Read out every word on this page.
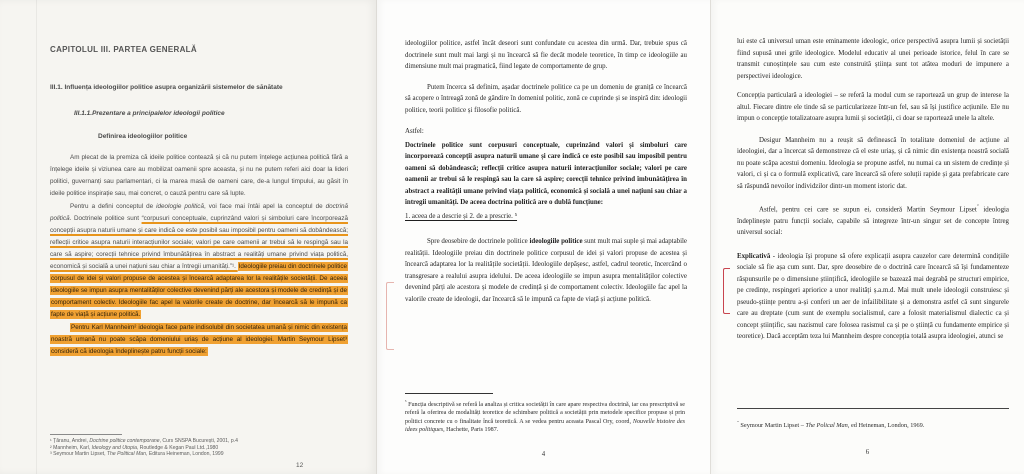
CAPITOLUL III. PARTEA GENERALĂ
III.1. Influența ideologiilor politice asupra organizării sistemelor de sănătate
III.1.1.Prezentare a principalelor ideologii politice
Definirea ideologiilor politice

Am plecat de la premiza că ideile politice contează și că nu putem înțelege acțiunea politică fără a înțelege ideile și viziunea care au mobilizat oamenii spre aceasta, și nu ne putem referi aici doar la lideri politici, guvernanți sau parlamentari, ci la marea masă de oameni care, de-a lungul timpului, au găsit în ideile politice inspirație sau, mai concret, o cauză pentru care să lupte.

Pentru a defini conceptul de ideologie politică, voi face mai întâi apel la conceptul de doctrină politică. Doctrinele politice sunt “corpusuri conceptuale, cuprinzând valori și simboluri care încorporează concepții asupra naturii umane și care indică ce este posibil sau imposibil pentru oameni să dobândească; reflecții critice asupra naturii interacțiunilor sociale; valori pe care oamenii ar trebui să le respingă sau la care să aspire; corecții tehnice privind îmbunătățirea în abstract a realități umane privind viața politică, economică și socială a unei națiuni sau chiar a întregii umanități.”¹. Ideologiile preiau din doctrinele politice corpusul de idei și valori propuse de acestea și încearcă adaptarea lor la realitățile societății. De aceea ideologiile se impun asupra mentalităților colective devenind părți ale acestora și modele de credință și de comportament colectiv. Ideologiile fac apel la valorile create de doctrine, dar încearcă să le impună ca fapte de viață și acțiune politică.

Pentru Karl Mannheim² ideologia face parte indisolubil din societatea umană și nimic din existența noastră umană nu poate scăpa domeniului uriaș de acțiune al ideologiei. Martin Seymour Lipset³ consideră că ideologia îndeplinește patru funcții sociale:

¹ Țăranu, Andrei, Doctrine politice contemporane, Curs SNSPA București, 2001, p.4

² Mannheim, Karl, Ideology and Utopia, Routledge & Kegan Paul Ltd.,1980

³ Seymour Martin Lipset, The Political Man, Editura Heineman, London, 1999

12

ideologiilor politice, astfel încât deseori sunt confundate cu acestea din urmă. Dar, trebuie spus că doctrinele sunt mult mai largi și nu încearcă să fie decât modele teoretice, în timp ce ideologiile au dimensiune mult mai pragmatică, fiind legate de comportamente de grup.

Putem încerca să definim, așadar doctrinele politice ca pe un domeniu de graniță ce încearcă să acopere o întreagă zonă de gândire în domeniul politic, zonă ce cuprinde și se inspiră din: ideologii politice, teorii politice și filosofie politică.

Astfel:

Doctrinele politice sunt corpusuri conceptuale, cuprinzând valori și simboluri care incorporează concepții asupra naturii umane și care indică ce este posibil sau imposibil pentru oameni să dobândească; reflecții critice asupra naturii interacțiunilor sociale; valori pe care oamenii ar trebui să le respingă sau la care să aspire; corecții tehnice privind îmbunătățirea în abstract a realității umane privind viața politică, economică și socială a unei națiuni sau chiar a întregii umanități. De aceea doctrina politică are o dublă funcțiune:

1. aceea de a descrie și 2. de a prescrie. ⁵

Spre deosebire de doctrinele politice ideologiile politice sunt mult mai suple și mai adaptabile realității. Ideologiile preiau din doctrinele politice corpusul de idei și valori propuse de acestea și încearcă adaptarea lor la realitățile societății. Ideologiile depășesc, astfel, cadrul teoretic, încercând o transgresare a realului asupra idelului. De aceea ideologiile se impun asupra mentalităților colective devenind părți ale acestora și modele de credință și de comportament colectiv. Ideologiile fac apel la valorile create de ideologii, dar încearcă să le impună ca fapte de viață și acțiune politică.

$^{^5}$ Funcția descriptivă se referă la analiza și critica societății în care apare respectiva doctrină, iar cea prescriptivă se referă la oferirea de modalități teoretice de schimbare politică a societății prin metodele specifice propuse și prin politici concrete cu o finalitate încă teoretică. A se vedea pentru aceasta Pascal Ory, coord, Nouvelle histoire des idees politiques, Hachette, Paris 1987.

4

lui este că universul uman este eminamente ideologic, orice perspectivă asupra lumii și societății fiind supusă unei grile ideologice. Modelul educativ al unei perioade istorice, felul în care se transmit cunoștințele sau cum este construită știința sunt tot atâtea moduri de impunere a perspectivei ideologice.

Concepția particulară a ideologiei – se referă la modul cum se raportează un grup de interese la altul. Fiecare dintre ele tinde să se particularizeze într-un fel, sau să își justifice acțiunile. Ele nu impun o concepție totalizatoare asupra lumii și societății, ci doar se raportează unele la altele.

Desigur Mannheim nu a reușit să definească în totalitate domeniul de acțiune al ideologiei, dar a încercat să demonstreze că el este uriaș, și că nimic din existența noastră socială nu poate scăpa acestui domeniu. Ideologia se propune astfel, nu numai ca un sistem de credințe și valori, ci și ca o formulă explicativă, care încearcă să ofere soluții rapide și gata prefabricate care să răspundă nevoilor individzilor dintr-un moment istoric dat.

Astfel, pentru cei care se supun ei, consideră Martin Seymour Lipset″ ideologia îndeplinește patru funcții sociale, capabile să integreze într-un singur set de concepte întreg universul social:

Explicativă - ideologia își propune să ofere explicații asupra cauzelor care determină condițiile sociale să fie așa cum sunt. Dar, spre deosebire de o doctrină care încearcă să își fundamenteze răspunsurile pe o dimensiune științifică, ideologiile se bazează mai degrabă pe structuri empirice, pe credințe, respingeri apriorice a unor realități ș.a.m.d. Mai mult unele ideologii construiesc și pseudo-științe pentru a-și conferi un aer de infailibilitate și a demonstra astfel că sunt singurele care au dreptate (cum sunt de exemplu socialismul, care a folosit materialismul dialectic ca și concept științific, sau nazismul care folosea rasismul ca și pe o știință cu fundamente empirice și teoretice). Dacă acceptăm teza lui Mannheim despre concepția totală asupra ideologiei, atunci se

″ Seymour Martin Lipset – The Polical Man, ed Heineman, London, 1969.

6
